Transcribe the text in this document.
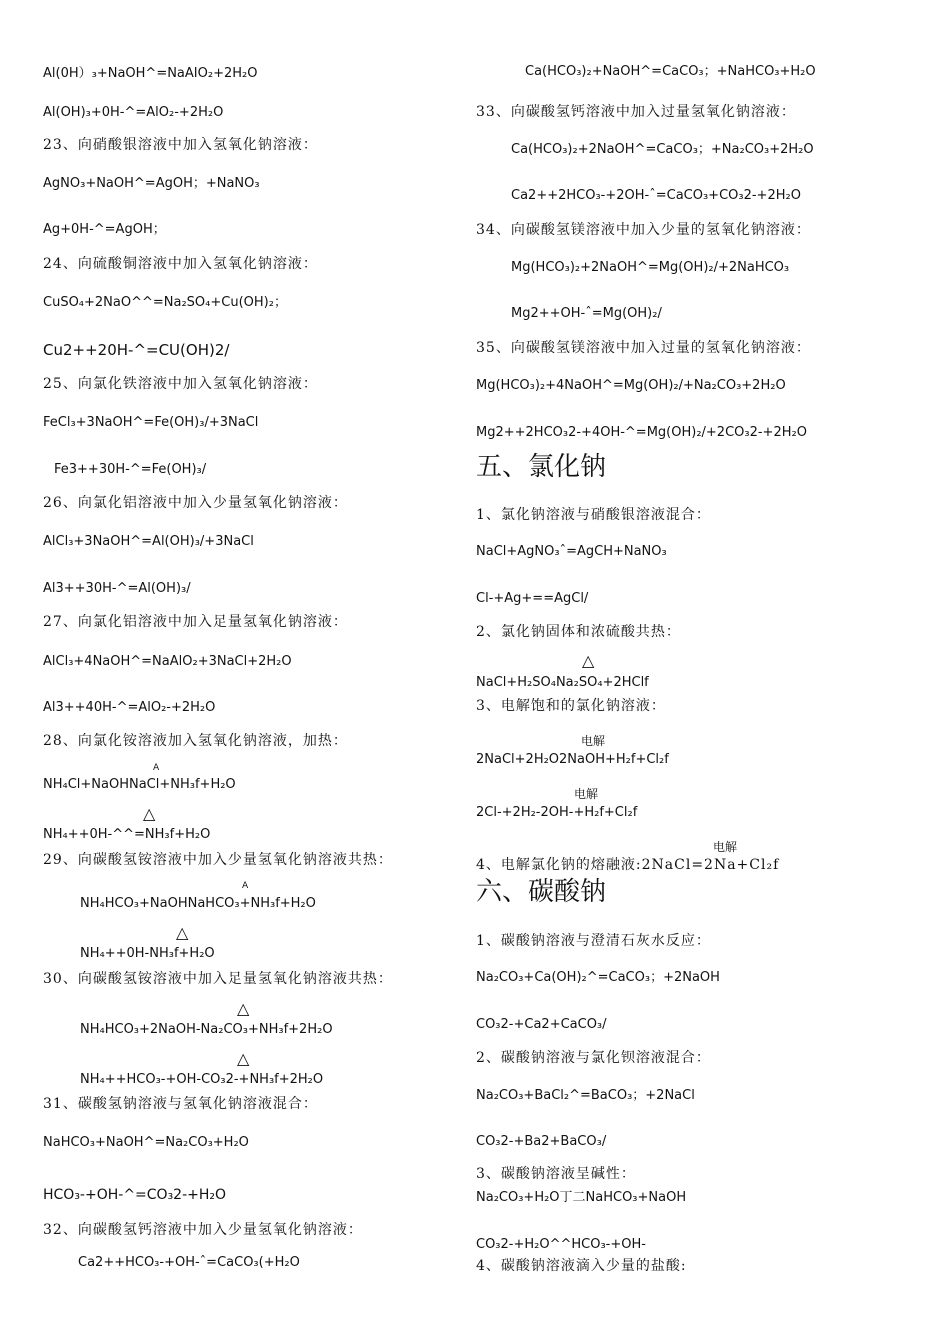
Al(0H）₃+NaOH^=NaAIO₂+2H₂O
Al(OH)₃+0H-^=AlO₂-+2H₂O
23、向硝酸银溶液中加入氢氧化钠溶液：
AgNO₃+NaOH^=AgOH；+NaNO₃
Ag+0H-^=AgOH；
24、向硫酸铜溶液中加入氢氧化钠溶液：
CuSO₄+2NaO^^=Na₂SO₄+Cu(OH)₂；
Cu2++20H-^=CU(OH)2/
25、向氯化铁溶液中加入氢氧化钠溶液：
FeCl₃+3NaOH^=Fe(OH)₃/+3NaCl
Fe3++30H-^=Fe(OH)₃/
26、向氯化铝溶液中加入少量氢氧化钠溶液：
AlCl₃+3NaOH^=Al(OH)₃/+3NaCl
Al3++30H-^=Al(OH)₃/
27、向氯化铝溶液中加入足量氢氧化钠溶液：
AlCl₃+4NaOH^=NaAlO₂+3NaCl+2H₂O
Al3++40H-^=AlO₂-+2H₂O
28、向氯化铵溶液加入氢氧化钠溶液，加热：
A
NH₄Cl+NaOHNaCl+NH₃f+H₂O
△
NH₄++0H-^^=NH₃f+H₂O
29、向碳酸氢铵溶液中加入少量氢氧化钠溶液共热：
A
NH₄HCO₃+NaOHNaHCO₃+NH₃f+H₂O
△
NH₄++0H-NH₃f+H₂O
30、向碳酸氢铵溶液中加入足量氢氧化钠溶液共热：
△
NH₄HCO₃+2NaOH-Na₂CO₃+NH₃f+2H₂O
△
NH₄++HCO₃-+OH-CO₃2-+NH₃f+2H₂O
31、碳酸氢钠溶液与氢氧化钠溶液混合：
NaHCO₃+NaOH^=Na₂CO₃+H₂O
HCO₃-+OH-^=CO₃2-+H₂O
32、向碳酸氢钙溶液中加入少量氢氧化钠溶液：
Ca2++HCO₃-+OH-ˆ=CaCO₃(+H₂O
Ca(HCO₃)₂+NaOH^=CaCO₃；+NaHCO₃+H₂O
33、向碳酸氢钙溶液中加入过量氢氧化钠溶液：
Ca(HCO₃)₂+2NaOH^=CaCO₃；+Na₂CO₃+2H₂O
Ca2++2HCO₃-+2OH-ˆ=CaCO₃+CO₃2-+2H₂O
34、向碳酸氢镁溶液中加入少量的氢氧化钠溶液：
Mg(HCO₃)₂+2NaOH^=Mg(OH)₂/+2NaHCO₃
Mg2++OH-ˆ=Mg(OH)₂/
35、向碳酸氢镁溶液中加入过量的氢氧化钠溶液：
Mg(HCO₃)₂+4NaOH^=Mg(OH)₂/+Na₂CO₃+2H₂O
Mg2++2HCO₃2-+4OH-^=Mg(OH)₂/+2CO₃2-+2H₂O
五、氯化钠
1、氯化钠溶液与硝酸银溶液混合：
NaCl+AgNO₃ˆ=AgCH+NaNO₃
Cl-+Ag+==AgCl/
2、氯化钠固体和浓硫酸共热：
△
NaCl+H₂SO₄Na₂SO₄+2HClf
3、电解饱和的氯化钠溶液：
电解
2NaCl+2H₂O2NaOH+H₂f+Cl₂f
电解
2Cl-+2H₂-2OH-+H₂f+Cl₂f
电解
4、电解氯化钠的熔融液:2NaCl=2Na+Cl₂f
六、碳酸钠
1、碳酸钠溶液与澄清石灰水反应：
Na₂CO₃+Ca(OH)₂^=CaCO₃；+2NaOH
CO₃2-+Ca2+CaCO₃/
2、碳酸钠溶液与氯化钡溶液混合：
Na₂CO₃+BaCl₂^=BaCO₃；+2NaCl
CO₃2-+Ba2+BaCO₃/
3、碳酸钠溶液呈碱性：
Na₂CO₃+H₂O丁二NaHCO₃+NaOH
CO₃2-+H₂O^^HCO₃-+OH-
4、碳酸钠溶液滴入少量的盐酸:
